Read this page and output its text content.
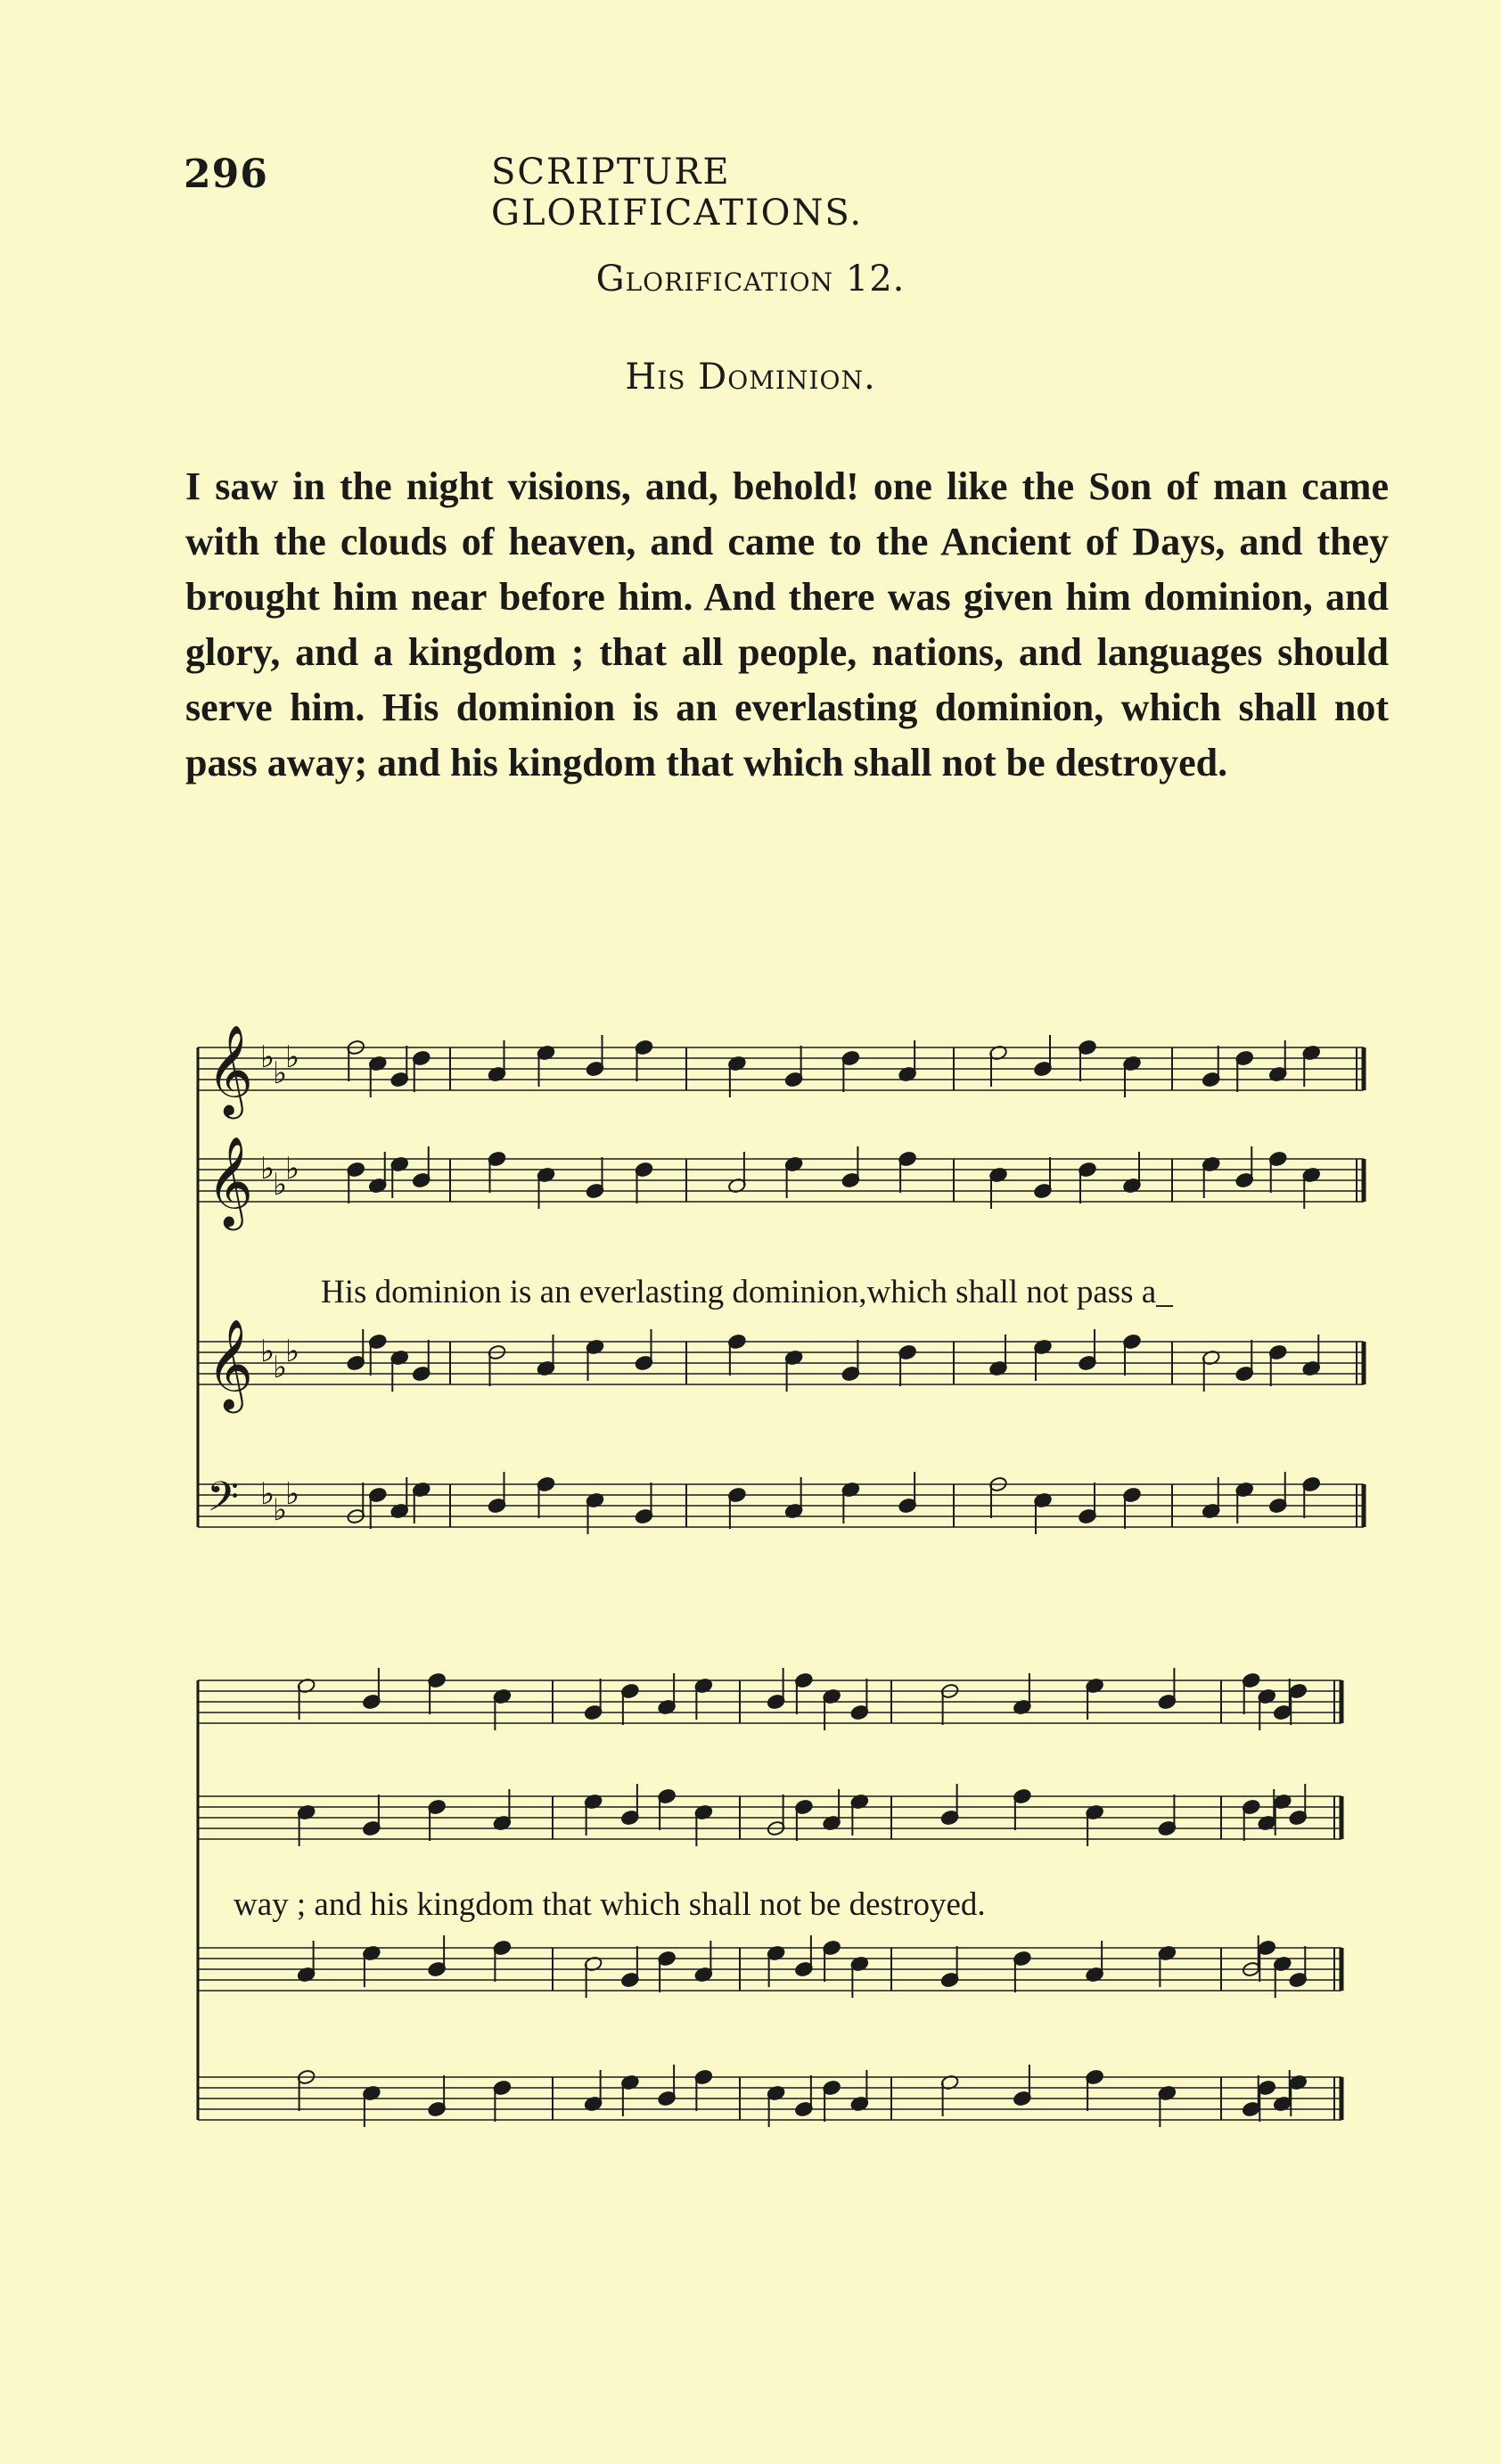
296	SCRIPTURE GLORIFICATIONS.
Glorification 12.
His Dominion.
I saw in the night visions, and, behold! one like the Son of man came with the clouds of heaven, and came to the Ancient of Days, and they brought him near before him. And there was given him dominion, and glory, and a kingdom ; that all people, nations, and languages should serve him. His dominion is an everlasting dominion, which shall not pass away; and his kingdom that which shall not be destroyed.
𝄞 ♭
♭
♭
𝄞 ♭
♭
♭
𝄞 ♭
♭
♭
𝄢 ♭
♭
♭
His dominion is an everlasting dominion,which shall not pass a_
way ; and his kingdom that which shall not be destroyed.
